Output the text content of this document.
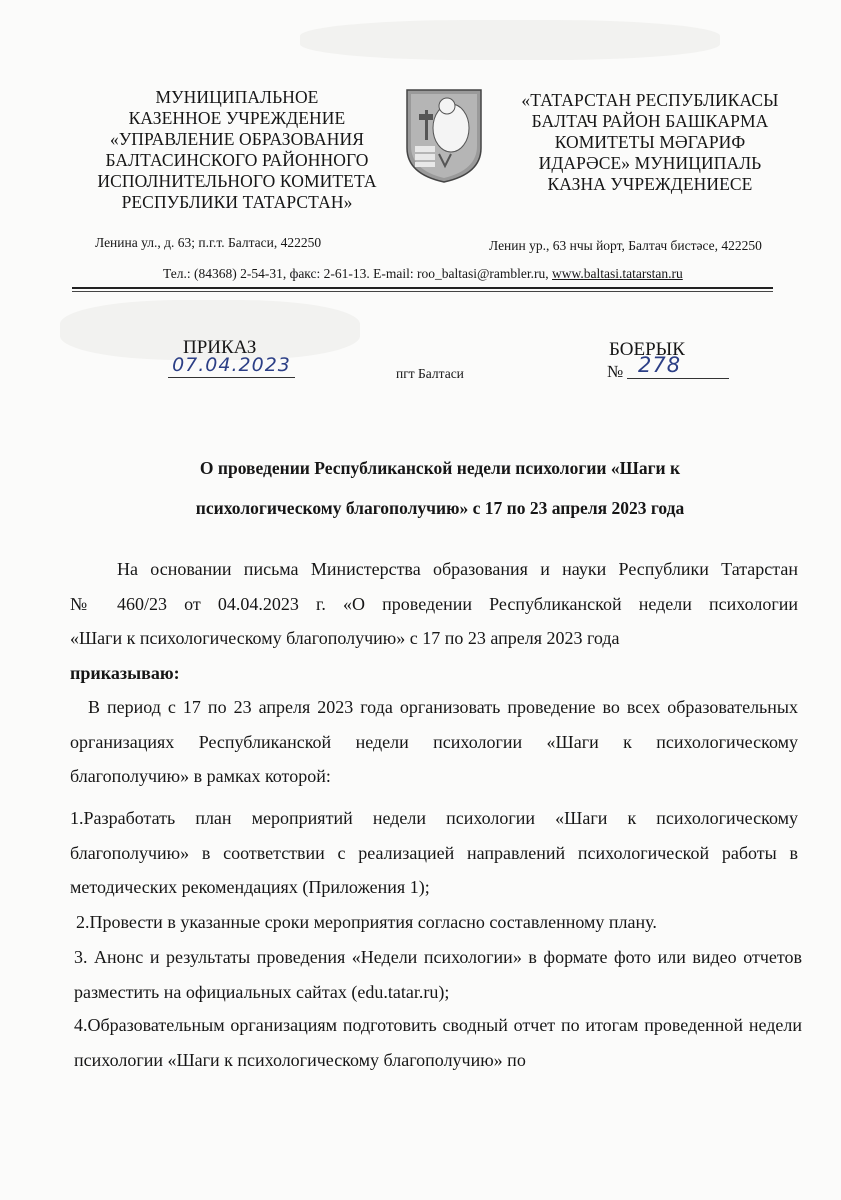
МУНИЦИПАЛЬНОЕ
КАЗЕННОЕ УЧРЕЖДЕНИЕ
«УПРАВЛЕНИЕ ОБРАЗОВАНИЯ
БАЛТАСИНСКОГО РАЙОННОГО
ИСПОЛНИТЕЛЬНОГО КОМИТЕТА
РЕСПУБЛИКИ ТАТАРСТАН»
«ТАТАРСТАН РЕСПУБЛИКАСЫ
БАЛТАЧ РАЙОН БАШКАРМА
КОМИТЕТЫ МӘГАРИФ
ИДАРӘСЕ» МУНИЦИПАЛЬ
КАЗНА УЧРЕЖДЕНИЕСЕ
Ленина ул., д. 63; п.г.т. Балтаси, 422250	Ленин ур., 63 нчы йорт, Балтач бистәсе, 422250
Тел.: (84368) 2-54-31, факс: 2-61-13. E-mail: roo_baltasi@rambler.ru, www.baltasi.tatarstan.ru
ПРИКАЗ
07.04.2023	пгт Балтаси
БОЕРЫК
№ 278
О проведении Республиканской недели психологии «Шаги к
психологическому благополучию» с 17 по 23 апреля 2023 года
На основании письма Министерства образования и науки Республики Татарстан
№ 460/23 от 04.04.2023 г. «О проведении Республиканской недели психологии
«Шаги к психологическому благополучию» с 17 по 23 апреля 2023 года
приказываю:
В период с 17 по 23 апреля 2023 года организовать проведение во всех образовательных организациях Республиканской недели психологии «Шаги к психологическому благополучию» в рамках которой:
1.Разработать план мероприятий недели психологии «Шаги к психологическому благополучию» в соответствии с реализацией направлений психологической работы в методических рекомендациях (Приложения 1);
2.Провести в указанные сроки мероприятия согласно составленному плану.
3. Анонс и результаты проведения «Недели психологии» в формате фото или видео отчетов разместить на официальных сайтах (edu.tatar.ru);
4.Образовательным организациям подготовить сводный отчет по итогам проведенной недели психологии «Шаги к психологическому благополучию» по
